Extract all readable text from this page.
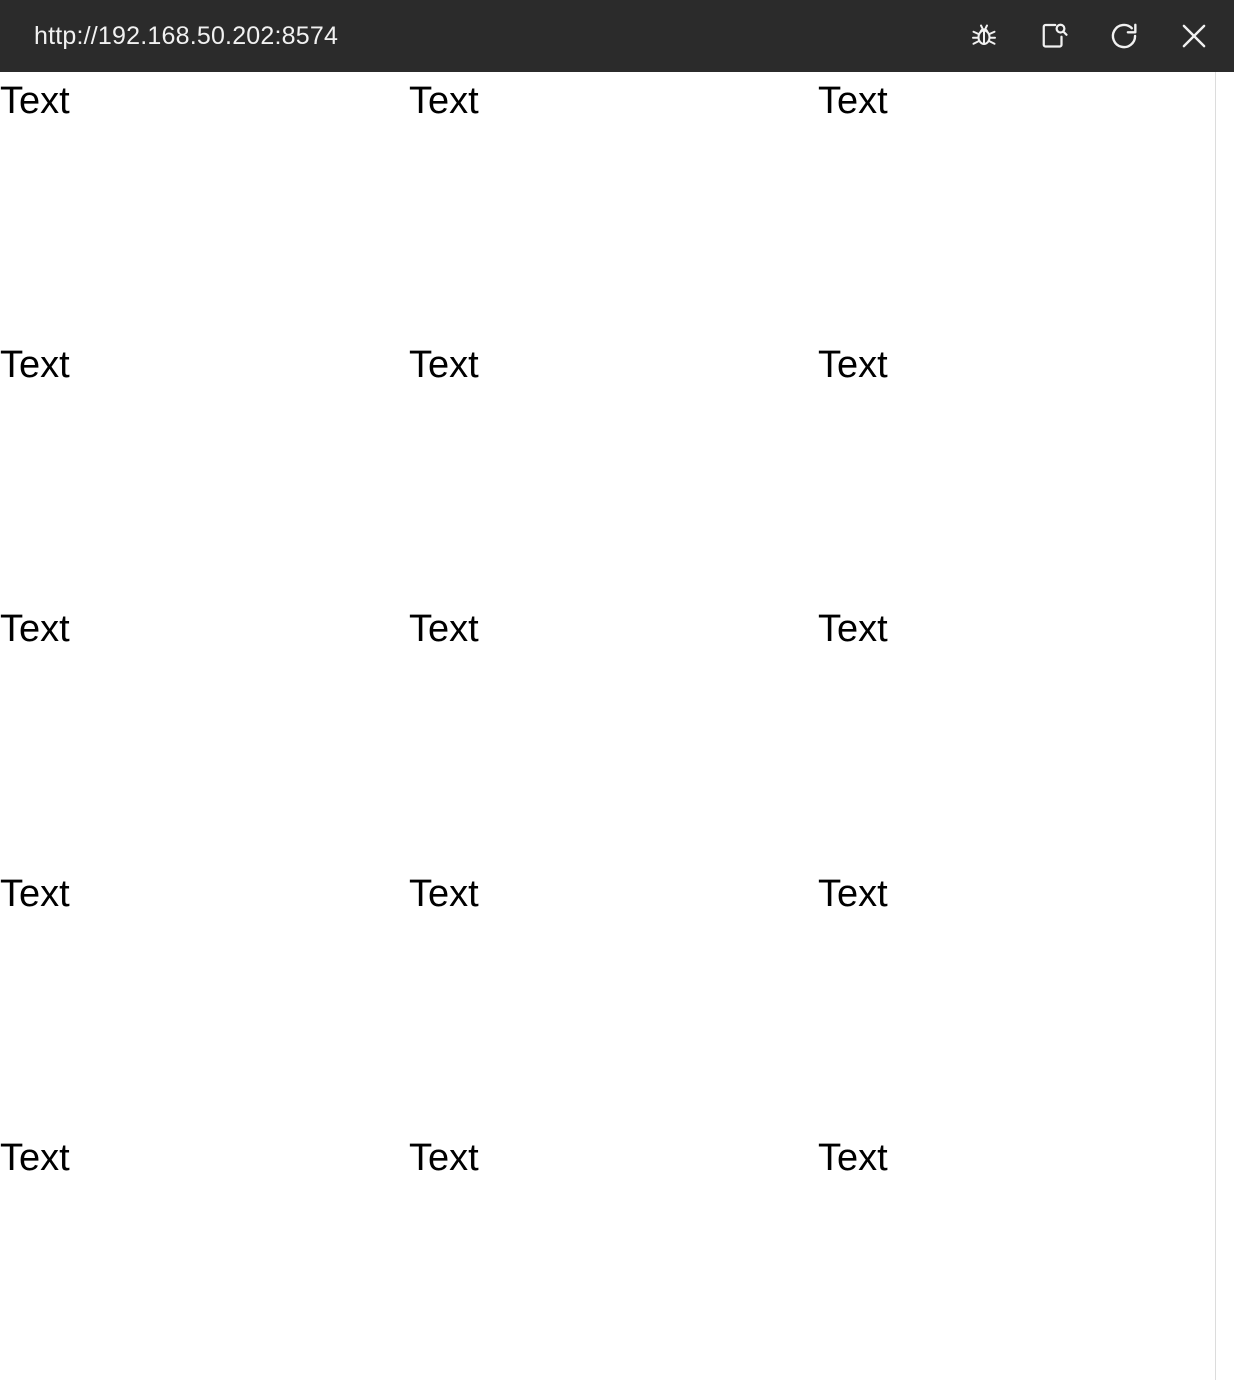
http://192.168.50.202:8574
Text	Text	Text
Text	Text	Text
Text	Text	Text
Text	Text	Text
Text	Text	Text
